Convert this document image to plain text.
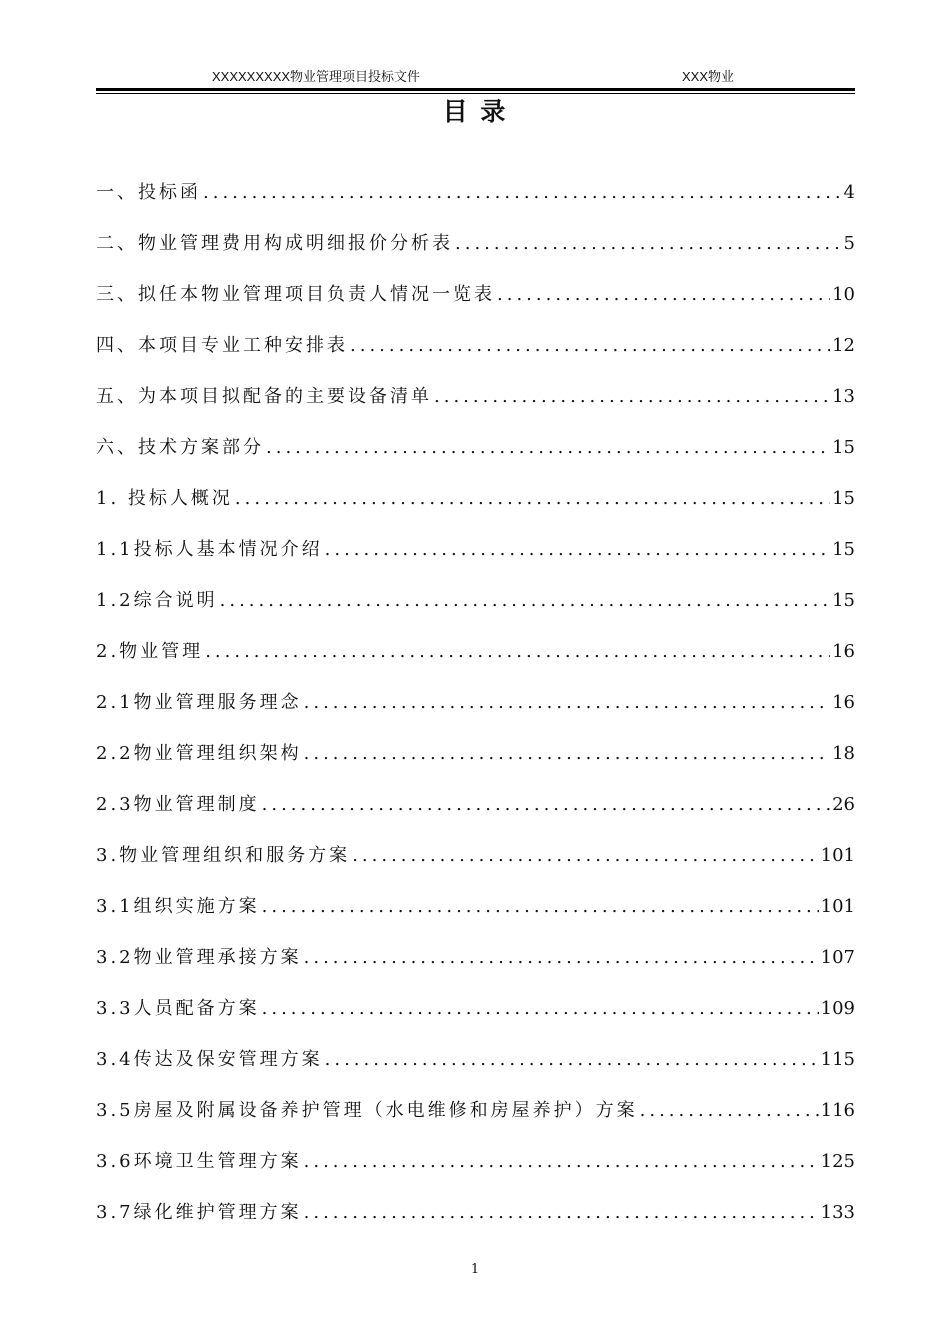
XXXXXXXXX物业管理项目投标文件	XXX物业
目 录
一、投标函 .....	4
二、物业管理费用构成明细报价分析表 .....	5
三、拟任本物业管理项目负责人情况一览表 .....	10
四、本项目专业工种安排表 .....	12
五、为本项目拟配备的主要设备清单 .....	13
六、技术方案部分 .....	15
1. 投标人概况 .....	15
1.1投标人基本情况介绍 .....	15
1.2综合说明 .....	15
2.物业管理 .....	16
2.1物业管理服务理念 .....	16
2.2物业管理组织架构 .....	18
2.3物业管理制度 .....	26
3.物业管理组织和服务方案 .....	101
3.1组织实施方案 .....	101
3.2物业管理承接方案 .....	107
3.3人员配备方案 .....	109
3.4传达及保安管理方案 .....	115
3.5房屋及附属设备养护管理（水电维修和房屋养护）方案 .....	116
3.6环境卫生管理方案 .....	125
3.7绿化维护管理方案 .....	133
1
